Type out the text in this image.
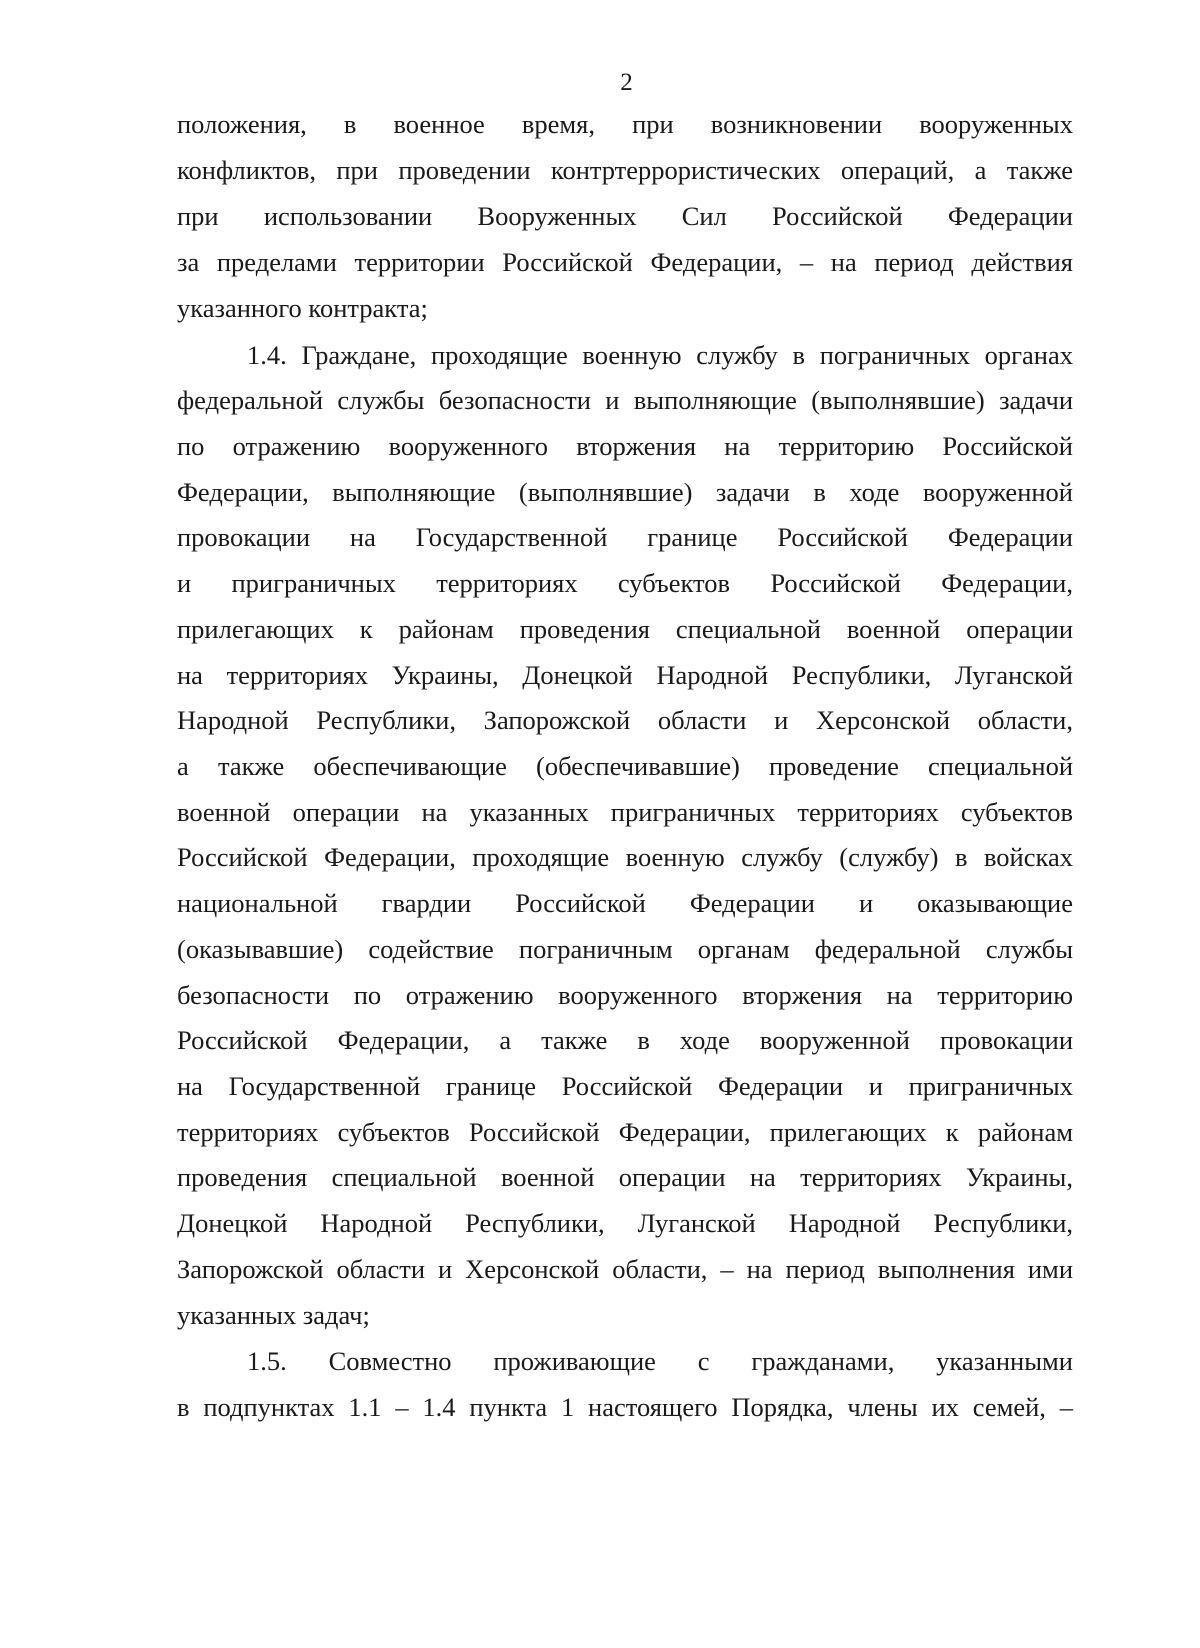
2
положения, в военное время, при возникновении вооруженных
конфликтов, при проведении контртеррористических операций, а также
при использовании Вооруженных Сил Российской Федерации
за пределами территории Российской Федерации, – на период действия
указанного контракта;
1.4. Граждане, проходящие военную службу в пограничных органах
федеральной службы безопасности и выполняющие (выполнявшие) задачи
по отражению вооруженного вторжения на территорию Российской
Федерации, выполняющие (выполнявшие) задачи в ходе вооруженной
провокации на Государственной границе Российской Федерации
и приграничных территориях субъектов Российской Федерации,
прилегающих к районам проведения специальной военной операции
на территориях Украины, Донецкой Народной Республики, Луганской
Народной Республики, Запорожской области и Херсонской области,
а также обеспечивающие (обеспечивавшие) проведение специальной
военной операции на указанных приграничных территориях субъектов
Российской Федерации, проходящие военную службу (службу) в войсках
национальной гвардии Российской Федерации и оказывающие
(оказывавшие) содействие пограничным органам федеральной службы
безопасности по отражению вооруженного вторжения на территорию
Российской Федерации, а также в ходе вооруженной провокации
на Государственной границе Российской Федерации и приграничных
территориях субъектов Российской Федерации, прилегающих к районам
проведения специальной военной операции на территориях Украины,
Донецкой Народной Республики, Луганской Народной Республики,
Запорожской области и Херсонской области, – на период выполнения ими
указанных задач;
1.5. Совместно проживающие с гражданами, указанными
в подпунктах 1.1 – 1.4 пункта 1 настоящего Порядка, члены их семей, –
